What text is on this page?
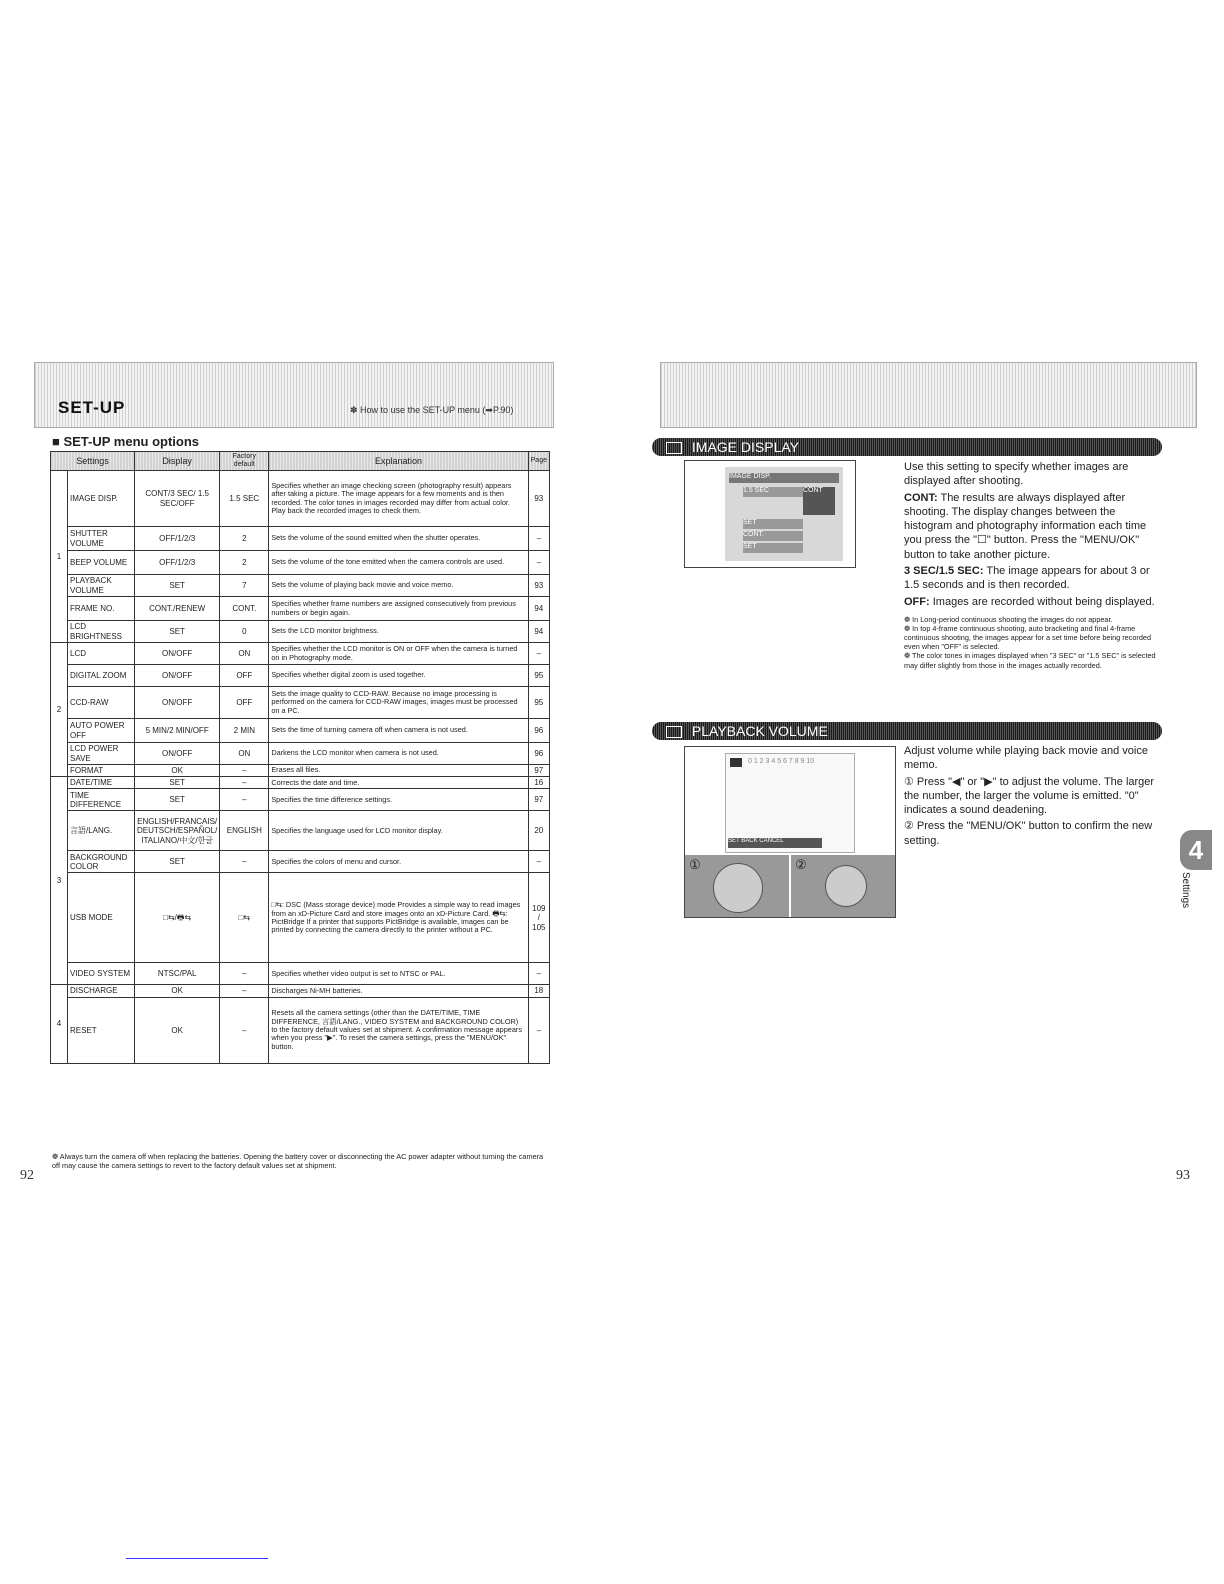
SET-UP	✽ How to use the SET-UP menu (➡P.90)
■ SET-UP menu options
Settings		Display	Factory default	Explanation	Page
1	IMAGE DISP.	CONT/3 SEC/ 1.5 SEC/OFF	1.5 SEC	Specifies whether an image checking screen (photography result) appears after taking a picture. The image appears for a few moments and is then recorded. The color tones in images recorded may differ from actual color. Play back the recorded images to check them.	93
	SHUTTER VOLUME	OFF/1/2/3	2	Sets the volume of the sound emitted when the shutter operates.	–
	BEEP VOLUME	OFF/1/2/3	2	Sets the volume of the tone emitted when the camera controls are used.	–
	PLAYBACK VOLUME	SET	7	Sets the volume of playing back movie and voice memo.	93
	FRAME NO.	CONT./RENEW	CONT.	Specifies whether frame numbers are assigned consecutively from previous numbers or begin again.	94
	LCD BRIGHTNESS	SET	0	Sets the LCD monitor brightness.	94
2	LCD	ON/OFF	ON	Specifies whether the LCD monitor is ON or OFF when the camera is turned on in Photography mode.	–
	DIGITAL ZOOM	ON/OFF	OFF	Specifies whether digital zoom is used together.	95
	CCD-RAW	ON/OFF	OFF	Sets the image quality to CCD-RAW. Because no image processing is performed on the camera for CCD-RAW images, images must be processed on a PC.	95
	AUTO POWER OFF	5 MIN/2 MIN/OFF	2 MIN	Sets the time of turning camera off when camera is not used.	96
	LCD POWER SAVE	ON/OFF	ON	Darkens the LCD monitor when camera is not used.	96
	FORMAT	OK	–	Erases all files.	97
3	DATE/TIME	SET	–	Corrects the date and time.	16
	TIME DIFFERENCE	SET	–	Specifies the time difference settings.	97
	言語/LANG.	ENGLISH/FRANCAIS/ DEUTSCH/ESPAÑOL/ ITALIANO/中文/한글	ENGLISH	Specifies the language used for LCD monitor display.	20
	BACKGROUND COLOR	SET	–	Specifies the colors of menu and cursor.	–
	USB MODE	□⇆/🖶⇆	□⇆	□⇆: DSC (Mass storage device) mode Provides a simple way to read images from an xD-Picture Card and store images onto an xD-Picture Card. 🖶⇆: PictBridge If a printer that supports PictBridge is available, images can be printed by connecting the camera directly to the printer without a PC.	109 / 105
	VIDEO SYSTEM	NTSC/PAL	–	Specifies whether video output is set to NTSC or PAL.	–
4	DISCHARGE	OK	–	Discharges Ni-MH batteries.	18
	RESET	OK	–	Resets all the camera settings (other than the DATE/TIME, TIME DIFFERENCE, 言語/LANG., VIDEO SYSTEM and BACKGROUND COLOR) to the factory default values set at shipment. A confirmation message appears when you press "▶". To reset the camera settings, press the "MENU/OK" button.	–
❁ Always turn the camera off when replacing the batteries. Opening the battery cover or disconnecting the AC power adapter without turning the camera off may cause the camera settings to revert to the factory default values set at shipment.
92
IMAGE DISPLAY
IMAGE DISP.
1.5 SEC	CONT
SET
CONT.
SET
Use this setting to specify whether images are displayed after shooting.
CONT: The results are always displayed after shooting. The display changes between the histogram and photography information each time you press the "☐" button. Press the "MENU/OK" button to take another picture.
3 SEC/1.5 SEC: The image appears for about 3 or 1.5 seconds and is then recorded.
OFF: Images are recorded without being displayed.
❁ In Long-period continuous shooting the images do not appear.
❁ In top 4-frame continuous shooting, auto bracketing and final 4-frame continuous shooting, the images appear for a set time before being recorded even when "OFF" is selected.
❁ The color tones in images displayed when "3 SEC" or "1.5 SEC" is selected may differ slightly from those in the images actually recorded.
PLAYBACK VOLUME
0 1 2 3 4 5 6 7 8 9 10
SET BACK CANCEL
①	②
Adjust volume while playing back movie and voice memo.
① Press "◀" or "▶" to adjust the volume. The larger the number, the larger the volume is emitted. "0" indicates a sound deadening.
② Press the "MENU/OK" button to confirm the new setting.	4
Settings
93
